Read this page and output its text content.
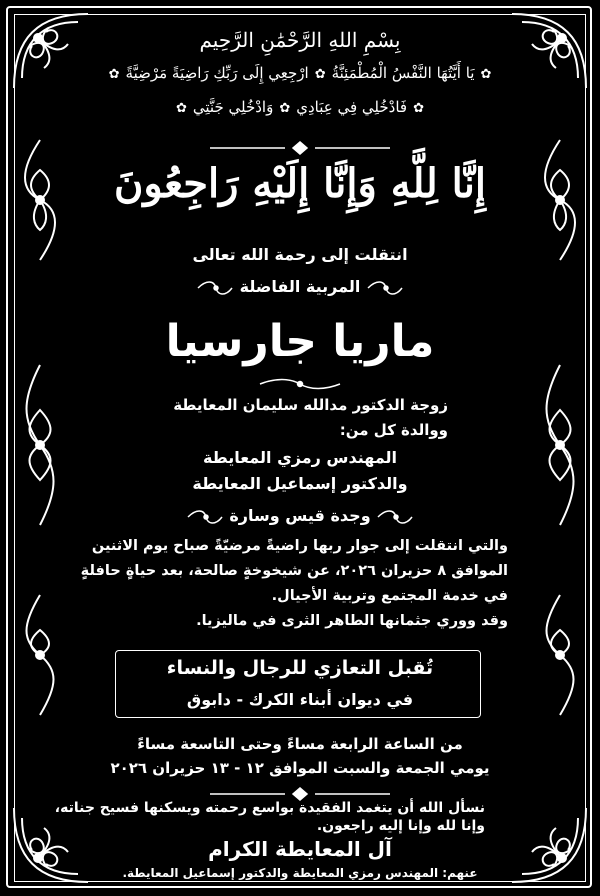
بِسْمِ اللهِ الرَّحْمَٰنِ الرَّحِيم
✿يَا أَيَّتُهَا النَّفْسُ الْمُطْمَئِنَّةُ✿ارْجِعِي إِلَى رَبِّكِ رَاضِيَةً مَرْضِيَّةً✿
✿فَادْخُلِي فِي عِبَادِي✿وَادْخُلِي جَنَّتِي✿
إِنَّا لِلَّهِ وَإِنَّا إِلَيْهِ رَاجِعُونَ
انتقلت إلى رحمة الله تعالى
المربية الفاضلة
ماريا جارسيا
زوجة الدكتور مدالله سليمان المعايطة
ووالدة كل من:
المهندس رمزي المعايطة
والدكتور إسماعيل المعايطة
وجدة قيس وسارة
والتي انتقلت إلى جوار ربها راضيةً مرضيّةً صباح يوم الاثنين
الموافق ٨ حزيران ٢٠٢٦، عن شيخوخةٍ صالحة، بعد حياةٍ حافلةٍ
في خدمة المجتمع وتربية الأجيال.
وقد ووري جثمانها الطاهر الثرى في ماليزيا.
تُقبل التعازي للرجال والنساء
في ديوان أبناء الكرك - دابوق
من الساعة الرابعة مساءً وحتى التاسعة مساءً
يومي الجمعة والسبت الموافق ١٢ - ١٣ حزيران ٢٠٢٦
نسأل الله أن يتغمد الفقيدة بواسع رحمته ويسكنها فسيح جناته،
وإنا لله وإنا إليه راجعون.
آل المعايطة الكرام
عنهم: المهندس رمزي المعايطة والدكتور إسماعيل المعايطة.
